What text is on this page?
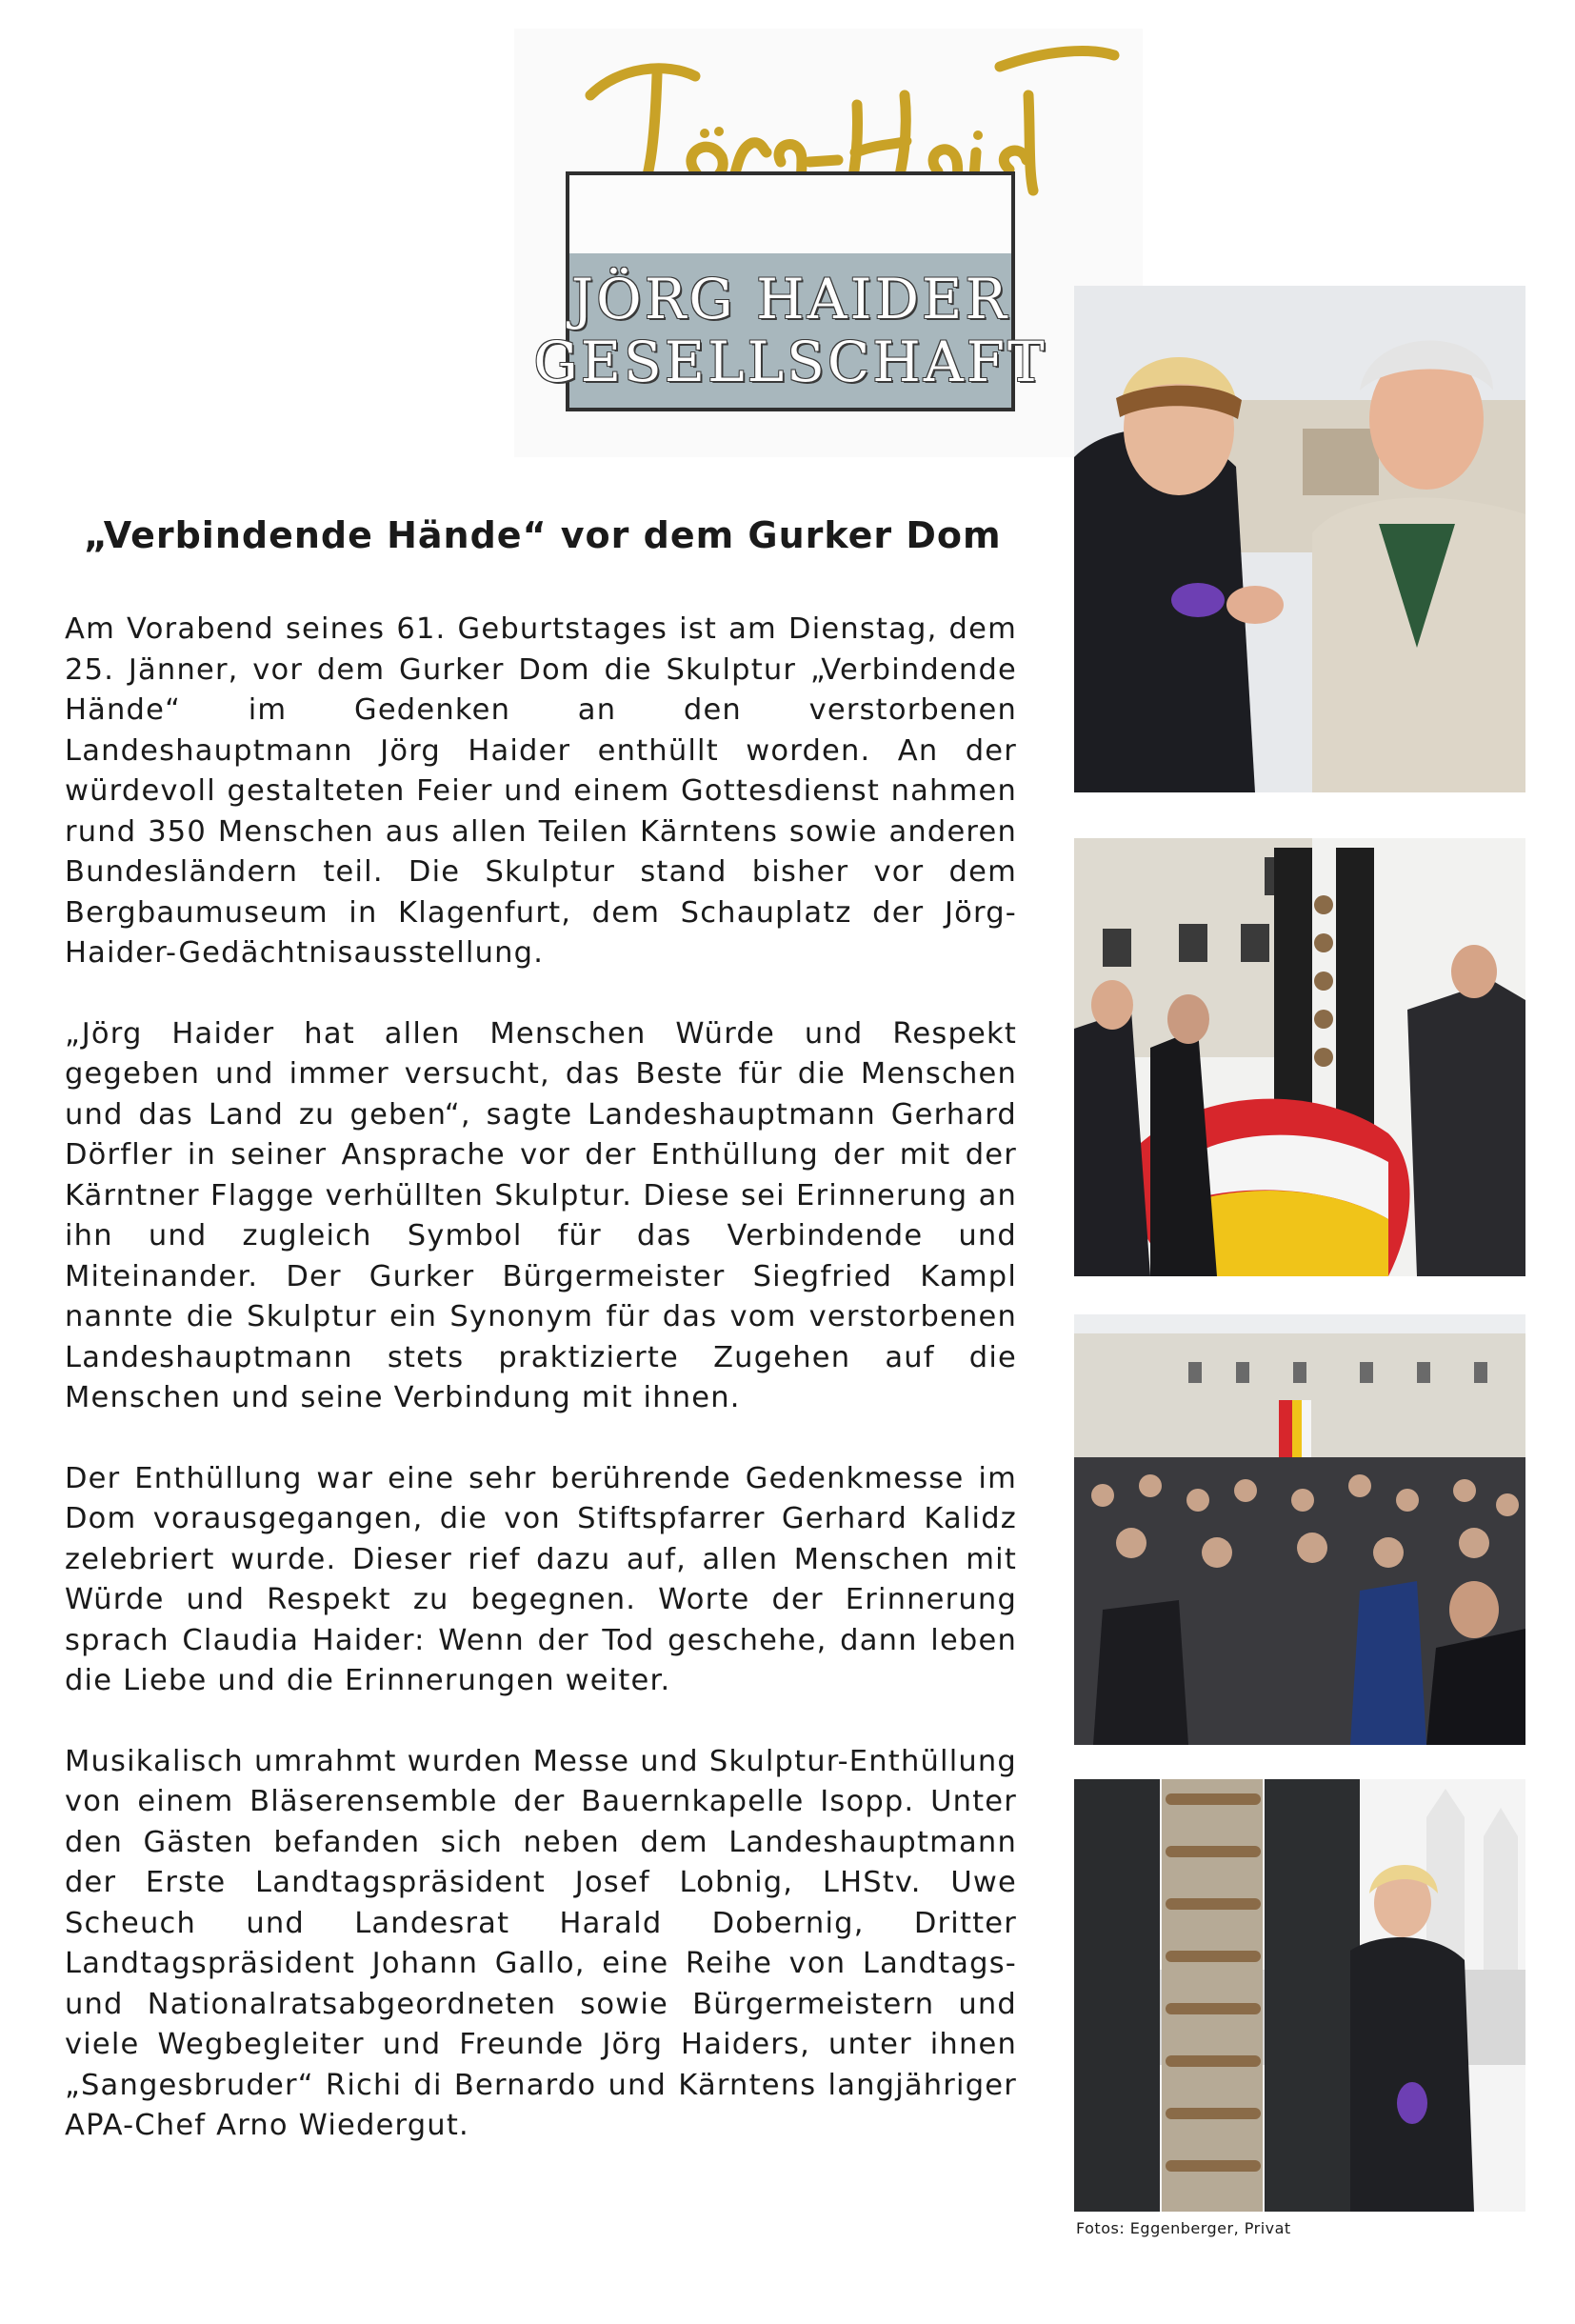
JÖRG HAIDER
GESELLSCHAFT
„Verbindende Hände“ vor dem Gurker Dom

Am Vorabend seines 61. Geburtstages ist am Dienstag, dem 25. Jänner, vor dem Gurker Dom die Skulptur „Verbindende Hände“ im Gedenken an den verstorbenen Landeshauptmann Jörg Haider enthüllt worden. An der würdevoll gestalteten Feier und einem Gottesdienst nahmen rund 350 Menschen aus allen Teilen Kärntens sowie anderen Bundesländern teil. Die Skulptur stand bisher vor dem Bergbaumuseum in Klagenfurt, dem Schauplatz der Jörg-Haider-Gedächtnisausstellung.

„Jörg Haider hat allen Menschen Würde und Respekt gegeben und immer versucht, das Beste für die Menschen und das Land zu geben“, sagte Landeshauptmann Gerhard Dörfler in seiner Ansprache vor der Enthüllung der mit der Kärntner Flagge verhüllten Skulptur. Diese sei Erinnerung an ihn und zugleich Symbol für das Verbindende und Miteinander. Der Gurker Bürgermeister Siegfried Kampl nannte die Skulptur ein Synonym für das vom verstorbenen Landeshauptmann stets praktizierte Zugehen auf die Menschen und seine Verbindung mit ihnen.

Der Enthüllung war eine sehr berührende Gedenkmesse im Dom vorausgegangen, die von Stiftspfarrer Gerhard Kalidz zelebriert wurde. Dieser rief dazu auf, allen Menschen mit Würde und Respekt zu begegnen. Worte der Erinnerung sprach Claudia Haider: Wenn der Tod geschehe, dann leben die Liebe und die Erinnerungen weiter.

Musikalisch umrahmt wurden Messe und Skulptur-Enthüllung von einem Bläserensemble der Bauernkapelle Isopp. Unter den Gästen befanden sich neben dem Landeshauptmann der Erste Landtagspräsident Josef Lobnig, LHStv. Uwe Scheuch und Landesrat Harald Dobernig, Dritter Landtagspräsident Johann Gallo, eine Reihe von Landtags- und Nationalratsabgeordneten sowie Bürgermeistern und viele Wegbegleiter und Freunde Jörg Haiders, unter ihnen „Sangesbruder“ Richi di Bernardo und Kärntens langjähriger APA-Chef Arno Wiedergut.

Fotos: Eggenberger, Privat
